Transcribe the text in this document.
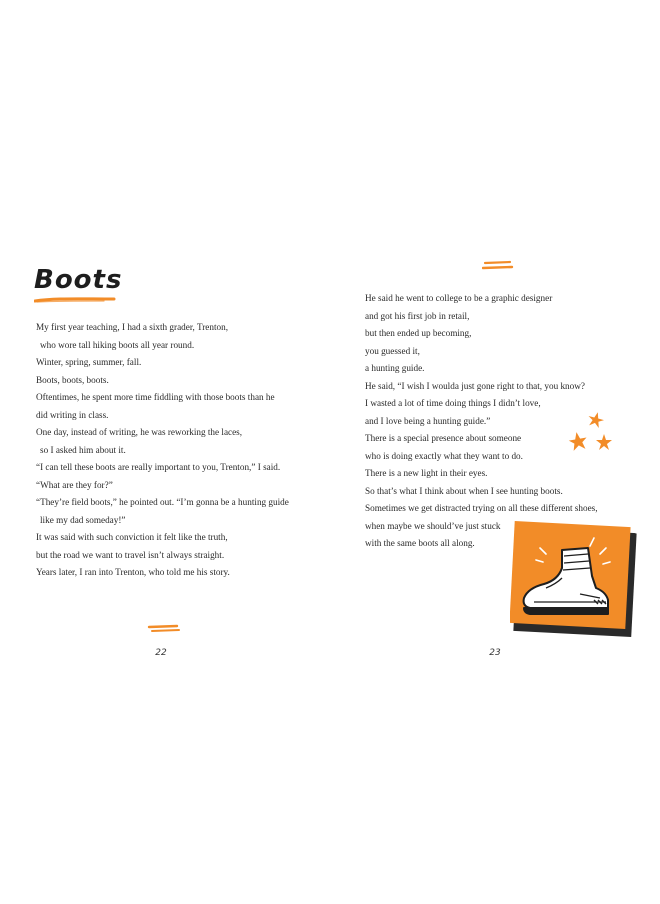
Boots
My first year teaching, I had a sixth grader, Trenton,
who wore tall hiking boots all year round.
Winter, spring, summer, fall.
Boots, boots, boots.
Oftentimes, he spent more time fiddling with those boots than he
did writing in class.
One day, instead of writing, he was reworking the laces,
so I asked him about it.
“I can tell these boots are really important to you, Trenton,” I said.
“What are they for?”
“They’re field boots,” he pointed out. “I’m gonna be a hunting guide
like my dad someday!”
It was said with such conviction it felt like the truth,
but the road we want to travel isn’t always straight.
Years later, I ran into Trenton, who told me his story.
22
He said he went to college to be a graphic designer
and got his first job in retail,
but then ended up becoming,
you guessed it,
a hunting guide.
He said, “I wish I woulda just gone right to that, you know?
I wasted a lot of time doing things I didn’t love,
and I love being a hunting guide.”
There is a special presence about someone
who is doing exactly what they want to do.
There is a new light in their eyes.
So that’s what I think about when I see hunting boots.
Sometimes we get distracted trying on all these different shoes,
when maybe we should’ve just stuck
with the same boots all along.
23
